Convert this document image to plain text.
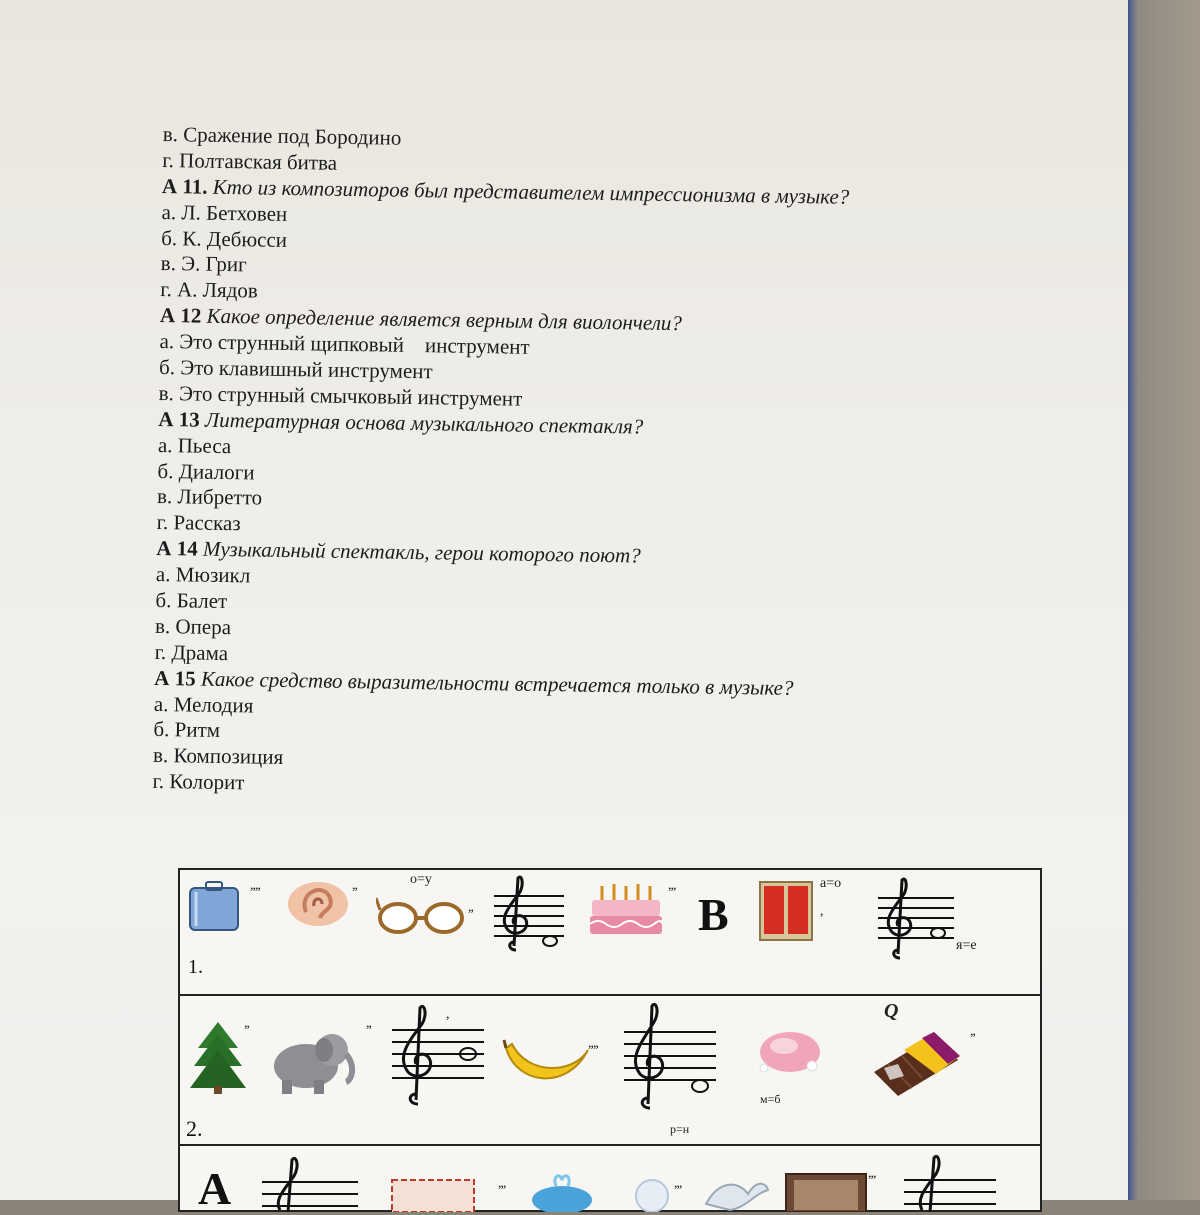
в. Сражение под Бородино
г. Полтавская битва
А 11. Кто из композиторов был представителем импрессионизма в музыке?
а. Л. Бетховен
б. К. Дебюсси
в. Э. Григ
г. А. Лядов
А 12 Какое определение является верным для виолончели?
а. Это струнный щипковый    инструмент
б. Это клавишный инструмент
в. Это струнный смычковый инструмент
А 13 Литературная основа музыкального спектакля?
а. Пьеса
б. Диалоги
в. Либретто
г. Рассказ
А 14 Музыкальный спектакль, герои которого поют?
а. Мюзикл
б. Балет
в. Опера
г. Драма
А 15 Какое средство выразительности встречается только в музыке?
а. Мелодия
б. Ритм
в. Композиция
г. Колорит
,,,,	,,	о=у
,,
,,,
В	,
а=о
я=е
1.
,,	,,
,
,,,,
р=н
м=б
Q
,,
2.
А	,,,	,,,
,,,
